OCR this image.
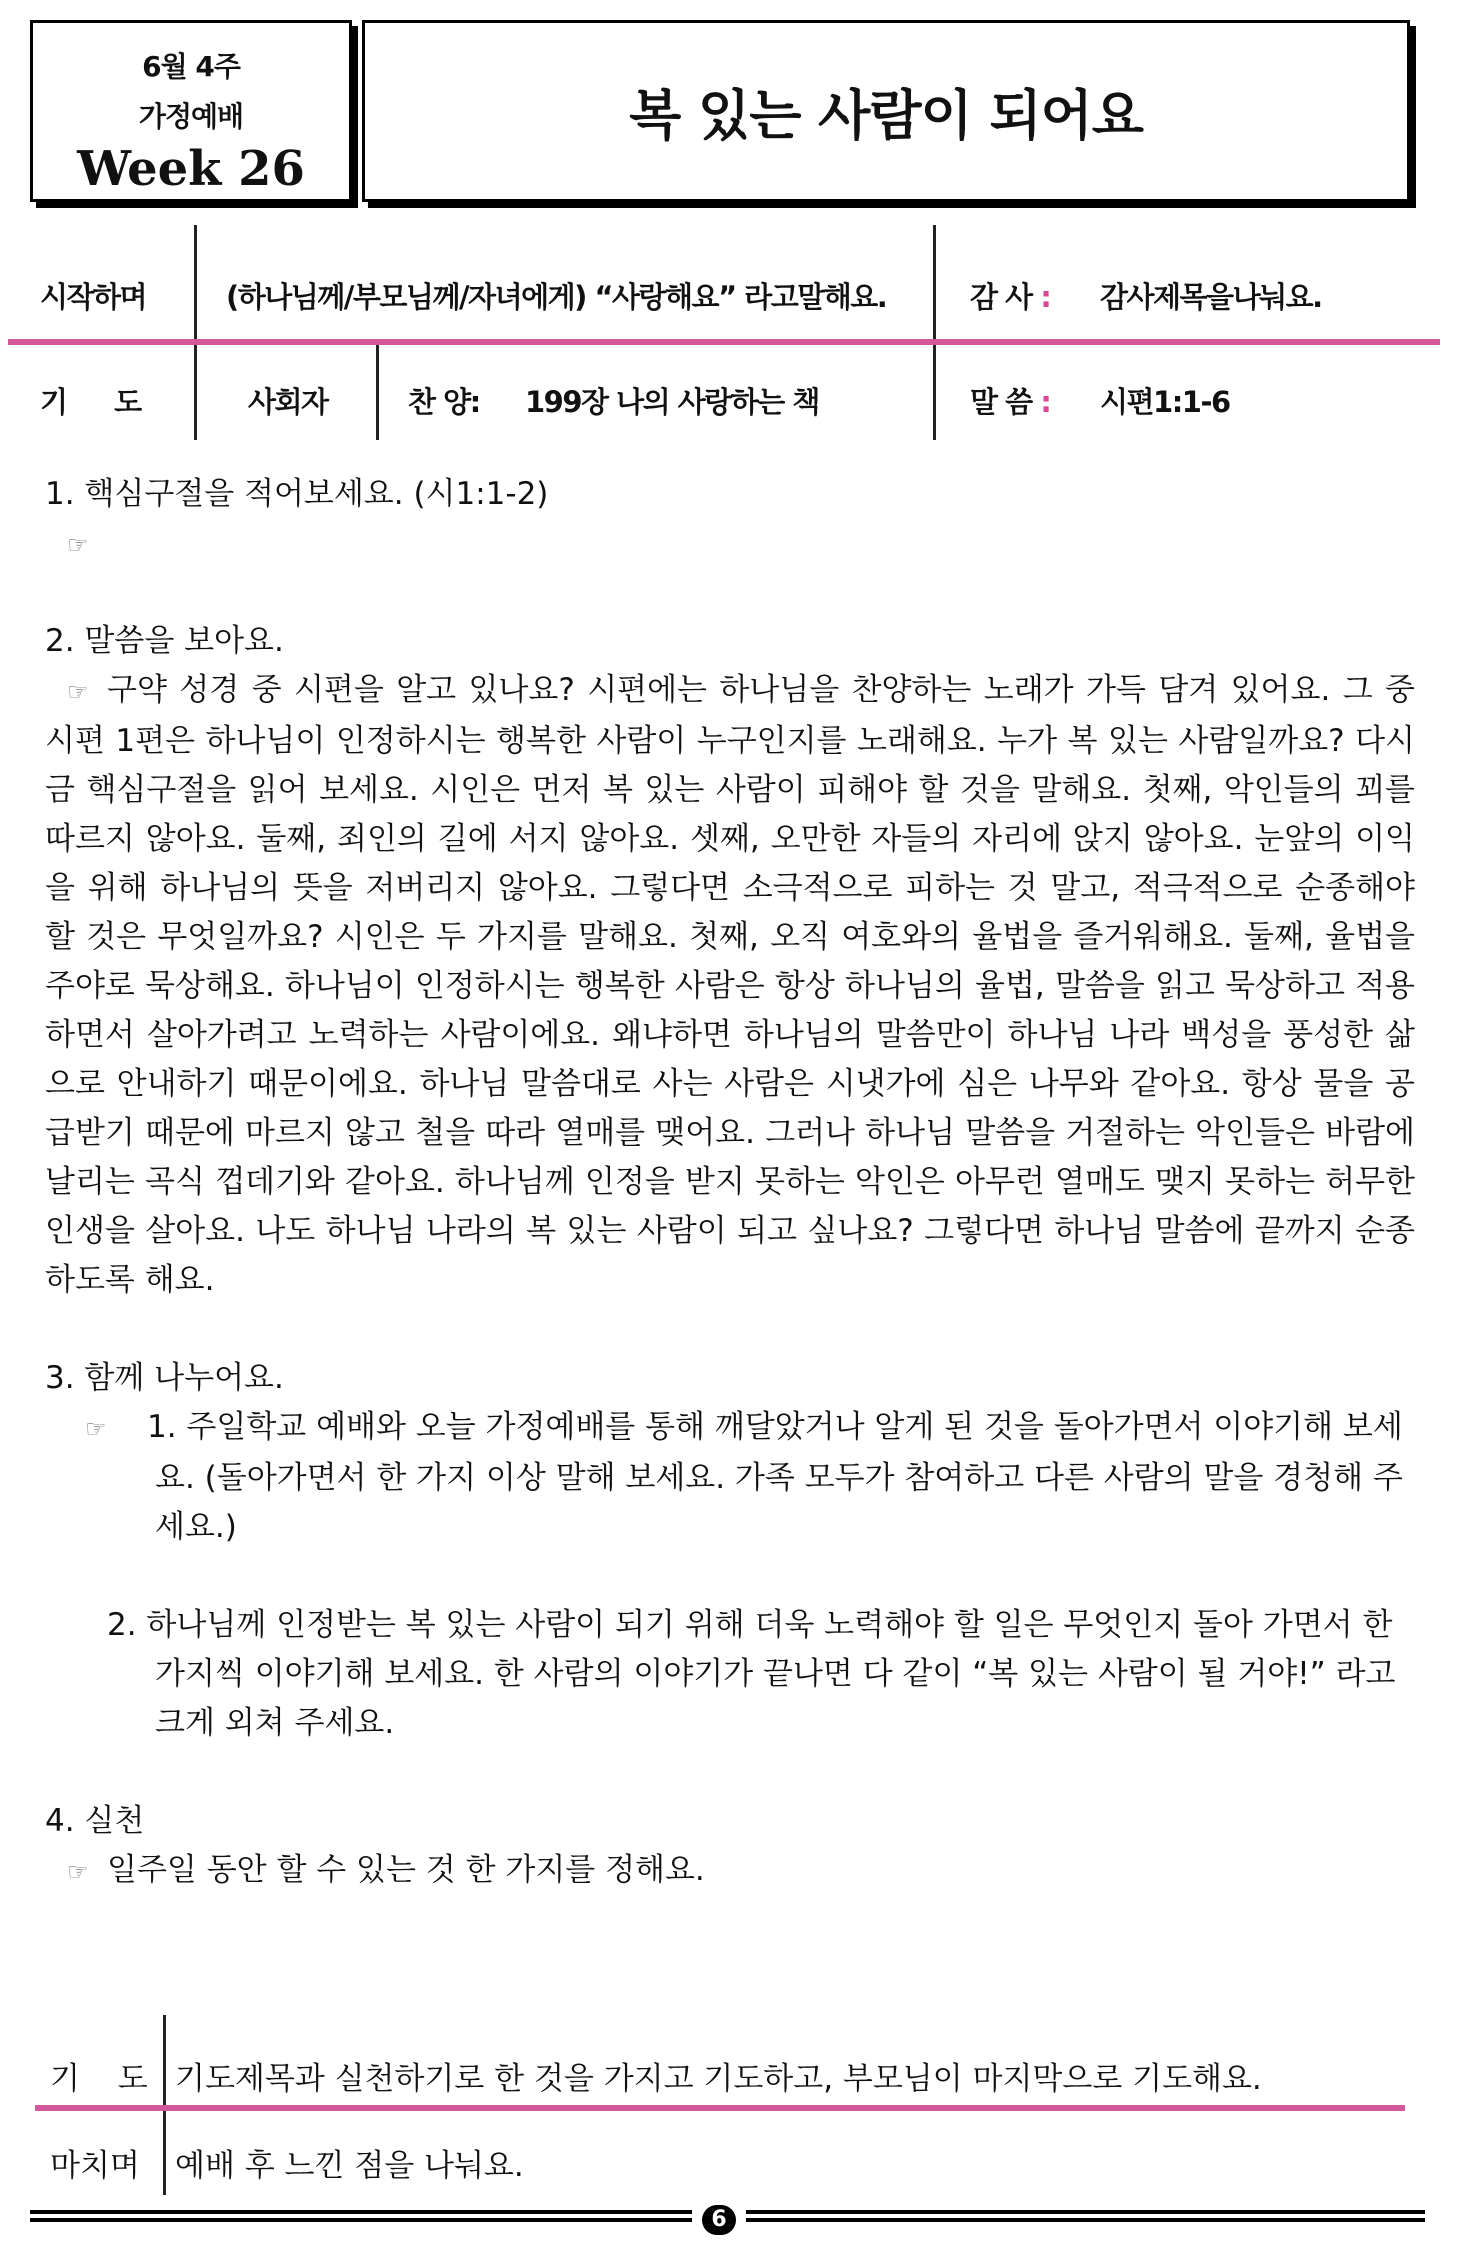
6월 4주
가정예배
Week 26
복 있는 사람이 되어요
시작하며	(하나님께/부모님께/자녀에게) “사랑해요” 라고말해요.	감 사 : 감사제목을나눠요.
기 도	사회자	찬 양: 199장 나의 사랑하는 책	말 씀 : 시편1:1-6
1. 핵심구절을 적어보세요. (시1:1-2)
☞
2. 말씀을 보아요.
☞ 구약 성경 중 시편을 알고 있나요? 시편에는 하나님을 찬양하는 노래가 가득 담겨 있어요. 그 중 시편 1편은 하나님이 인정하시는 행복한 사람이 누구인지를 노래해요. 누가 복 있는 사람일까요? 다시금 핵심구절을 읽어 보세요. 시인은 먼저 복 있는 사람이 피해야 할 것을 말해요. 첫째, 악인들의 꾀를 따르지 않아요. 둘째, 죄인의 길에 서지 않아요. 셋째, 오만한 자들의 자리에 앉지 않아요. 눈앞의 이익을 위해 하나님의 뜻을 저버리지 않아요. 그렇다면 소극적으로 피하는 것 말고, 적극적으로 순종해야 할 것은 무엇일까요? 시인은 두 가지를 말해요. 첫째, 오직 여호와의 율법을 즐거워해요. 둘째, 율법을 주야로 묵상해요. 하나님이 인정하시는 행복한 사람은 항상 하나님의 율법, 말씀을 읽고 묵상하고 적용하면서 살아가려고 노력하는 사람이에요. 왜냐하면 하나님의 말씀만이 하나님 나라 백성을 풍성한 삶으로 안내하기 때문이에요. 하나님 말씀대로 사는 사람은 시냇가에 심은 나무와 같아요. 항상 물을 공급받기 때문에 마르지 않고 철을 따라 열매를 맺어요. 그러나 하나님 말씀을 거절하는 악인들은 바람에 날리는 곡식 껍데기와 같아요. 하나님께 인정을 받지 못하는 악인은 아무런 열매도 맺지 못하는 허무한 인생을 살아요. 나도 하나님 나라의 복 있는 사람이 되고 싶나요? 그렇다면 하나님 말씀에 끝까지 순종하도록 해요.
3. 함께 나누어요.
☞ 1. 주일학교 예배와 오늘 가정예배를 통해 깨달았거나 알게 된 것을 돌아가면서 이야기해 보세요. (돌아가면서 한 가지 이상 말해 보세요. 가족 모두가 참여하고 다른 사람의 말을 경청해 주세요.)
2. 하나님께 인정받는 복 있는 사람이 되기 위해 더욱 노력해야 할 일은 무엇인지 돌아 가면서 한 가지씩 이야기해 보세요. 한 사람의 이야기가 끝나면 다 같이 “복 있는 사람이 될 거야!” 라고 크게 외쳐 주세요.
4. 실천
☞ 일주일 동안 할 수 있는 것 한 가지를 정해요.
기 도 기도제목과 실천하기로 한 것을 가지고 기도하고, 부모님이 마지막으로 기도해요.
마치며 예배 후 느낀 점을 나눠요.
6
